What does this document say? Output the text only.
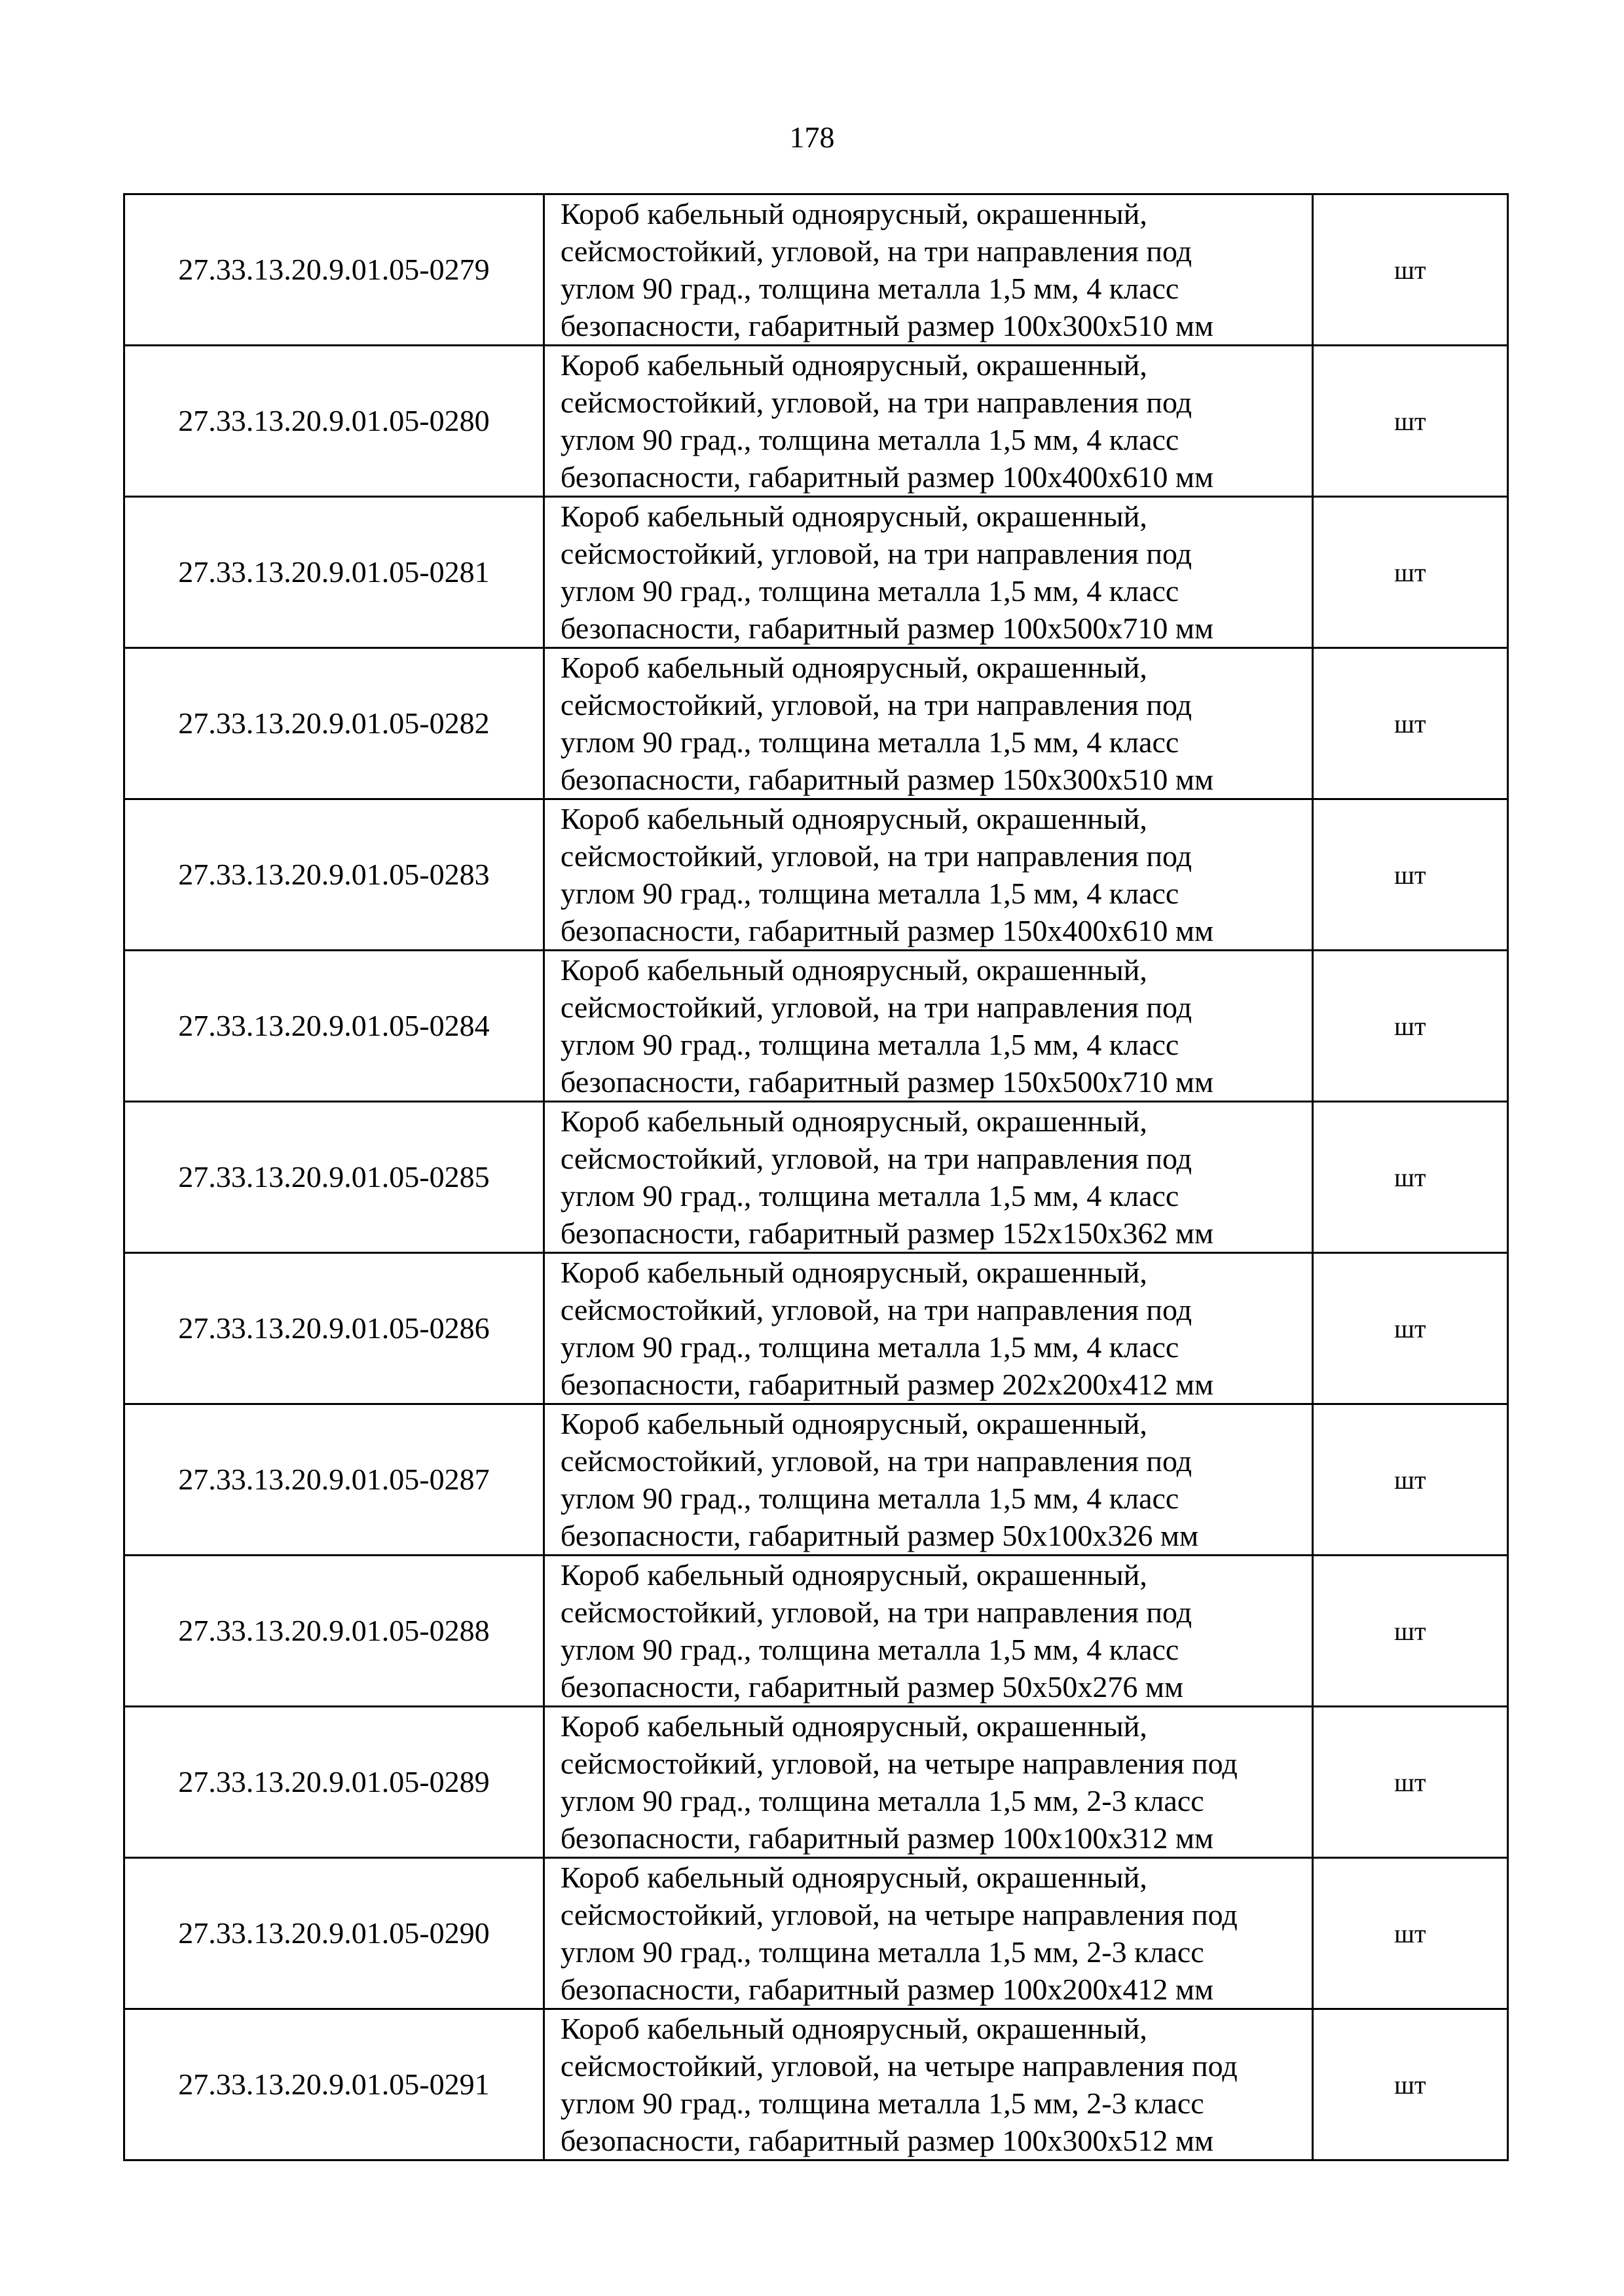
178
27.33.13.20.9.01.05-0279	Короб кабельный одноярусный, окрашенный,
сейсмостойкий, угловой, на три направления под
углом 90 град., толщина металла 1,5 мм, 4 класс
безопасности, габаритный размер 100х300х510 мм	шт
27.33.13.20.9.01.05-0280	Короб кабельный одноярусный, окрашенный,
сейсмостойкий, угловой, на три направления под
углом 90 град., толщина металла 1,5 мм, 4 класс
безопасности, габаритный размер 100х400х610 мм	шт
27.33.13.20.9.01.05-0281	Короб кабельный одноярусный, окрашенный,
сейсмостойкий, угловой, на три направления под
углом 90 град., толщина металла 1,5 мм, 4 класс
безопасности, габаритный размер 100х500х710 мм	шт
27.33.13.20.9.01.05-0282	Короб кабельный одноярусный, окрашенный,
сейсмостойкий, угловой, на три направления под
углом 90 град., толщина металла 1,5 мм, 4 класс
безопасности, габаритный размер 150х300х510 мм	шт
27.33.13.20.9.01.05-0283	Короб кабельный одноярусный, окрашенный,
сейсмостойкий, угловой, на три направления под
углом 90 град., толщина металла 1,5 мм, 4 класс
безопасности, габаритный размер 150х400х610 мм	шт
27.33.13.20.9.01.05-0284	Короб кабельный одноярусный, окрашенный,
сейсмостойкий, угловой, на три направления под
углом 90 град., толщина металла 1,5 мм, 4 класс
безопасности, габаритный размер 150х500х710 мм	шт
27.33.13.20.9.01.05-0285	Короб кабельный одноярусный, окрашенный,
сейсмостойкий, угловой, на три направления под
углом 90 град., толщина металла 1,5 мм, 4 класс
безопасности, габаритный размер 152х150х362 мм	шт
27.33.13.20.9.01.05-0286	Короб кабельный одноярусный, окрашенный,
сейсмостойкий, угловой, на три направления под
углом 90 град., толщина металла 1,5 мм, 4 класс
безопасности, габаритный размер 202х200х412 мм	шт
27.33.13.20.9.01.05-0287	Короб кабельный одноярусный, окрашенный,
сейсмостойкий, угловой, на три направления под
углом 90 град., толщина металла 1,5 мм, 4 класс
безопасности, габаритный размер 50х100х326 мм	шт
27.33.13.20.9.01.05-0288	Короб кабельный одноярусный, окрашенный,
сейсмостойкий, угловой, на три направления под
углом 90 град., толщина металла 1,5 мм, 4 класс
безопасности, габаритный размер 50х50х276 мм	шт
27.33.13.20.9.01.05-0289	Короб кабельный одноярусный, окрашенный,
сейсмостойкий, угловой, на четыре направления под
углом 90 град., толщина металла 1,5 мм, 2-3 класс
безопасности, габаритный размер 100х100х312 мм	шт
27.33.13.20.9.01.05-0290	Короб кабельный одноярусный, окрашенный,
сейсмостойкий, угловой, на четыре направления под
углом 90 град., толщина металла 1,5 мм, 2-3 класс
безопасности, габаритный размер 100х200х412 мм	шт
27.33.13.20.9.01.05-0291	Короб кабельный одноярусный, окрашенный,
сейсмостойкий, угловой, на четыре направления под
углом 90 град., толщина металла 1,5 мм, 2-3 класс
безопасности, габаритный размер 100х300х512 мм	шт
